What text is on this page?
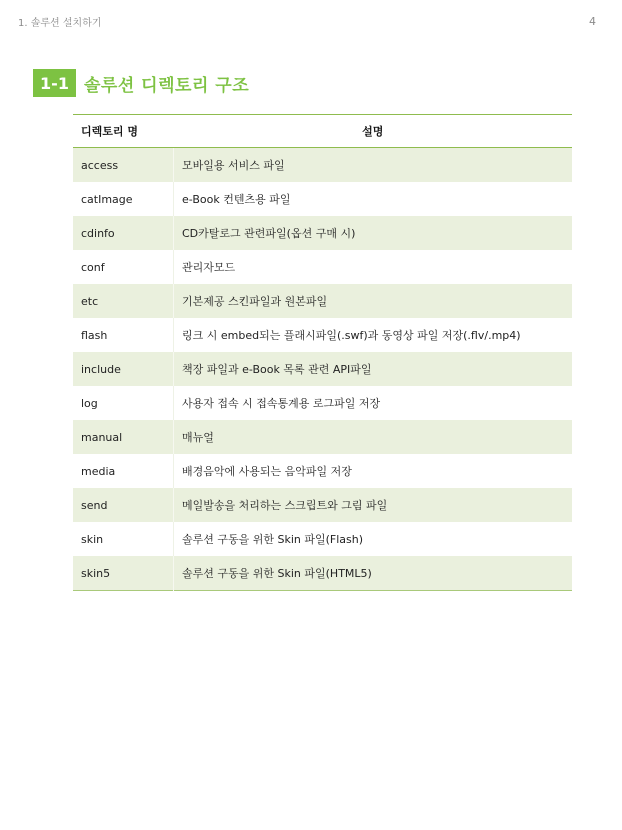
1. 솔루션 설치하기	4
1-1 솔루션 디렉토리 구조
디렉토리 명	설명
access	모바일용 서비스 파일
catImage	e-Book 컨텐츠용 파일
cdinfo	CD카탈로그 관련파일(옵션 구매 시)
conf	관리자모드
etc	기본제공 스킨파일과 원본파일
flash	링크 시 embed되는 플래시파일(.swf)과 동영상 파일 저장(.flv/.mp4)
include	책장 파일과 e-Book 목록 관련 API파일
log	사용자 접속 시 접속통계용 로그파일 저장
manual	매뉴얼
media	배경음악에 사용되는 음악파일 저장
send	메일발송을 처리하는 스크립트와 그림 파일
skin	솔루션 구동을 위한 Skin 파일(Flash)
skin5	솔루션 구동을 위한 Skin 파일(HTML5)
